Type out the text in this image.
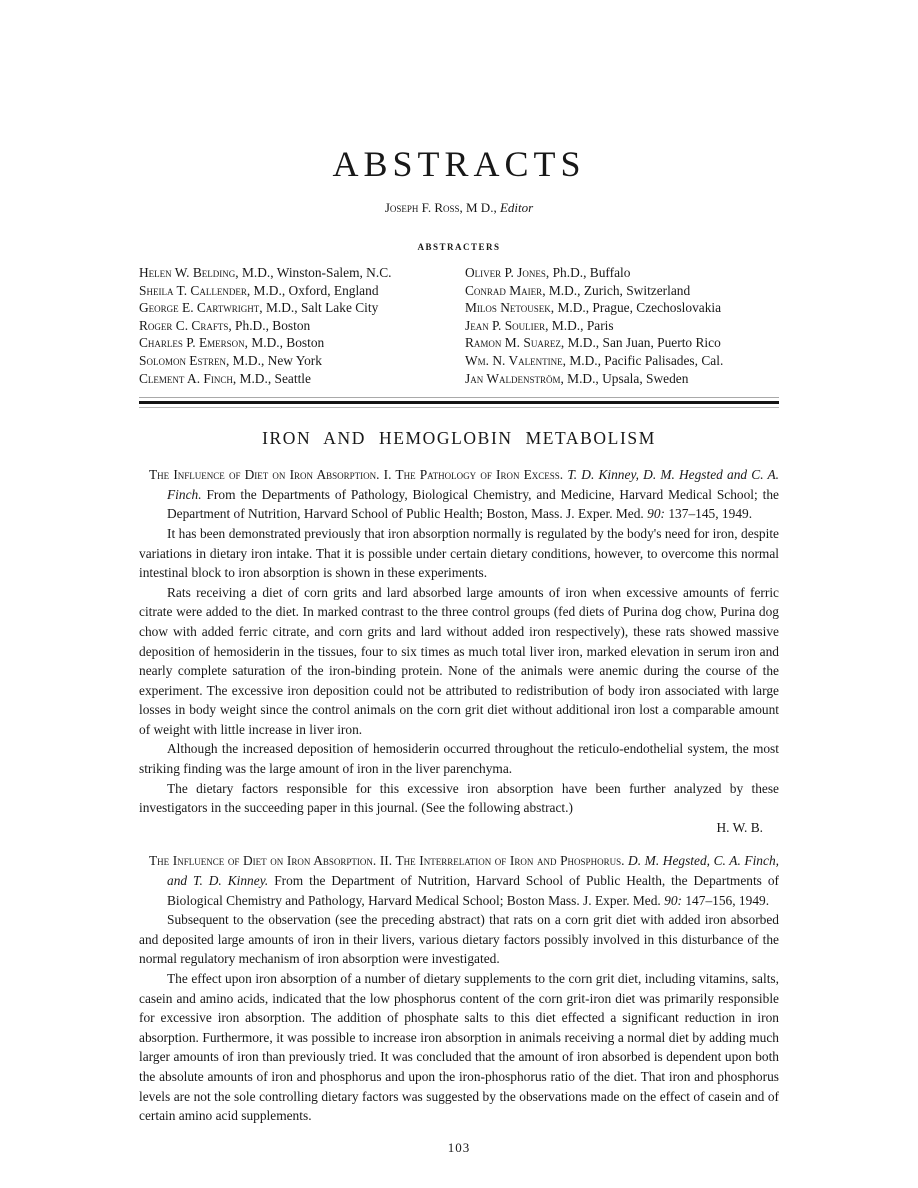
ABSTRACTS
Joseph F. Ross, M D., Editor
ABSTRACTERS
Helen W. Belding, M.D., Winston-Salem, N.C.
Sheila T. Callender, M.D., Oxford, England
George E. Cartwright, M.D., Salt Lake City
Roger C. Crafts, Ph.D., Boston
Charles P. Emerson, M.D., Boston
Solomon Estren, M.D., New York
Clement A. Finch, M.D., Seattle
Oliver P. Jones, Ph.D., Buffalo
Conrad Maier, M.D., Zurich, Switzerland
Milos Netousek, M.D., Prague, Czechoslovakia
Jean P. Soulier, M.D., Paris
Ramon M. Suarez, M.D., San Juan, Puerto Rico
Wm. N. Valentine, M.D., Pacific Palisades, Cal.
Jan Waldenström, M.D., Upsala, Sweden
IRON AND HEMOGLOBIN METABOLISM

The Influence of Diet on Iron Absorption. I. The Pathology of Iron Excess. T. D. Kinney, D. M. Hegsted and C. A. Finch. From the Departments of Pathology, Biological Chemistry, and Medicine, Harvard Medical School; the Department of Nutrition, Harvard School of Public Health; Boston, Mass. J. Exper. Med. 90: 137–145, 1949.

It has been demonstrated previously that iron absorption normally is regulated by the body's need for iron, despite variations in dietary iron intake. That it is possible under certain dietary conditions, however, to overcome this normal intestinal block to iron absorption is shown in these experiments.

Rats receiving a diet of corn grits and lard absorbed large amounts of iron when excessive amounts of ferric citrate were added to the diet. In marked contrast to the three control groups (fed diets of Purina dog chow, Purina dog chow with added ferric citrate, and corn grits and lard without added iron respectively), these rats showed massive deposition of hemosiderin in the tissues, four to six times as much total liver iron, marked elevation in serum iron and nearly complete saturation of the iron-binding protein. None of the animals were anemic during the course of the experiment. The excessive iron deposition could not be attributed to redistribution of body iron associated with large losses in body weight since the control animals on the corn grit diet without additional iron lost a comparable amount of weight with little increase in liver iron.

Although the increased deposition of hemosiderin occurred throughout the reticulo-endothelial system, the most striking finding was the large amount of iron in the liver parenchyma.

The dietary factors responsible for this excessive iron absorption have been further analyzed by these investigators in the succeeding paper in this journal. (See the following abstract.)

H. W. B.

The Influence of Diet on Iron Absorption. II. The Interrelation of Iron and Phosphorus. D. M. Hegsted, C. A. Finch, and T. D. Kinney. From the Department of Nutrition, Harvard School of Public Health, the Departments of Biological Chemistry and Pathology, Harvard Medical School; Boston Mass. J. Exper. Med. 90: 147–156, 1949.

Subsequent to the observation (see the preceding abstract) that rats on a corn grit diet with added iron absorbed and deposited large amounts of iron in their livers, various dietary factors possibly involved in this disturbance of the normal regulatory mechanism of iron absorption were investigated.

The effect upon iron absorption of a number of dietary supplements to the corn grit diet, including vitamins, salts, casein and amino acids, indicated that the low phosphorus content of the corn grit-iron diet was primarily responsible for excessive iron absorption. The addition of phosphate salts to this diet effected a significant reduction in iron absorption. Furthermore, it was possible to increase iron absorption in animals receiving a normal diet by adding much larger amounts of iron than previously tried. It was concluded that the amount of iron absorbed is dependent upon both the absolute amounts of iron and phosphorus and upon the iron-phosphorus ratio of the diet. That iron and phosphorus levels are not the sole controlling dietary factors was suggested by the observations made on the effect of casein and of certain amino acid supplements.

103
